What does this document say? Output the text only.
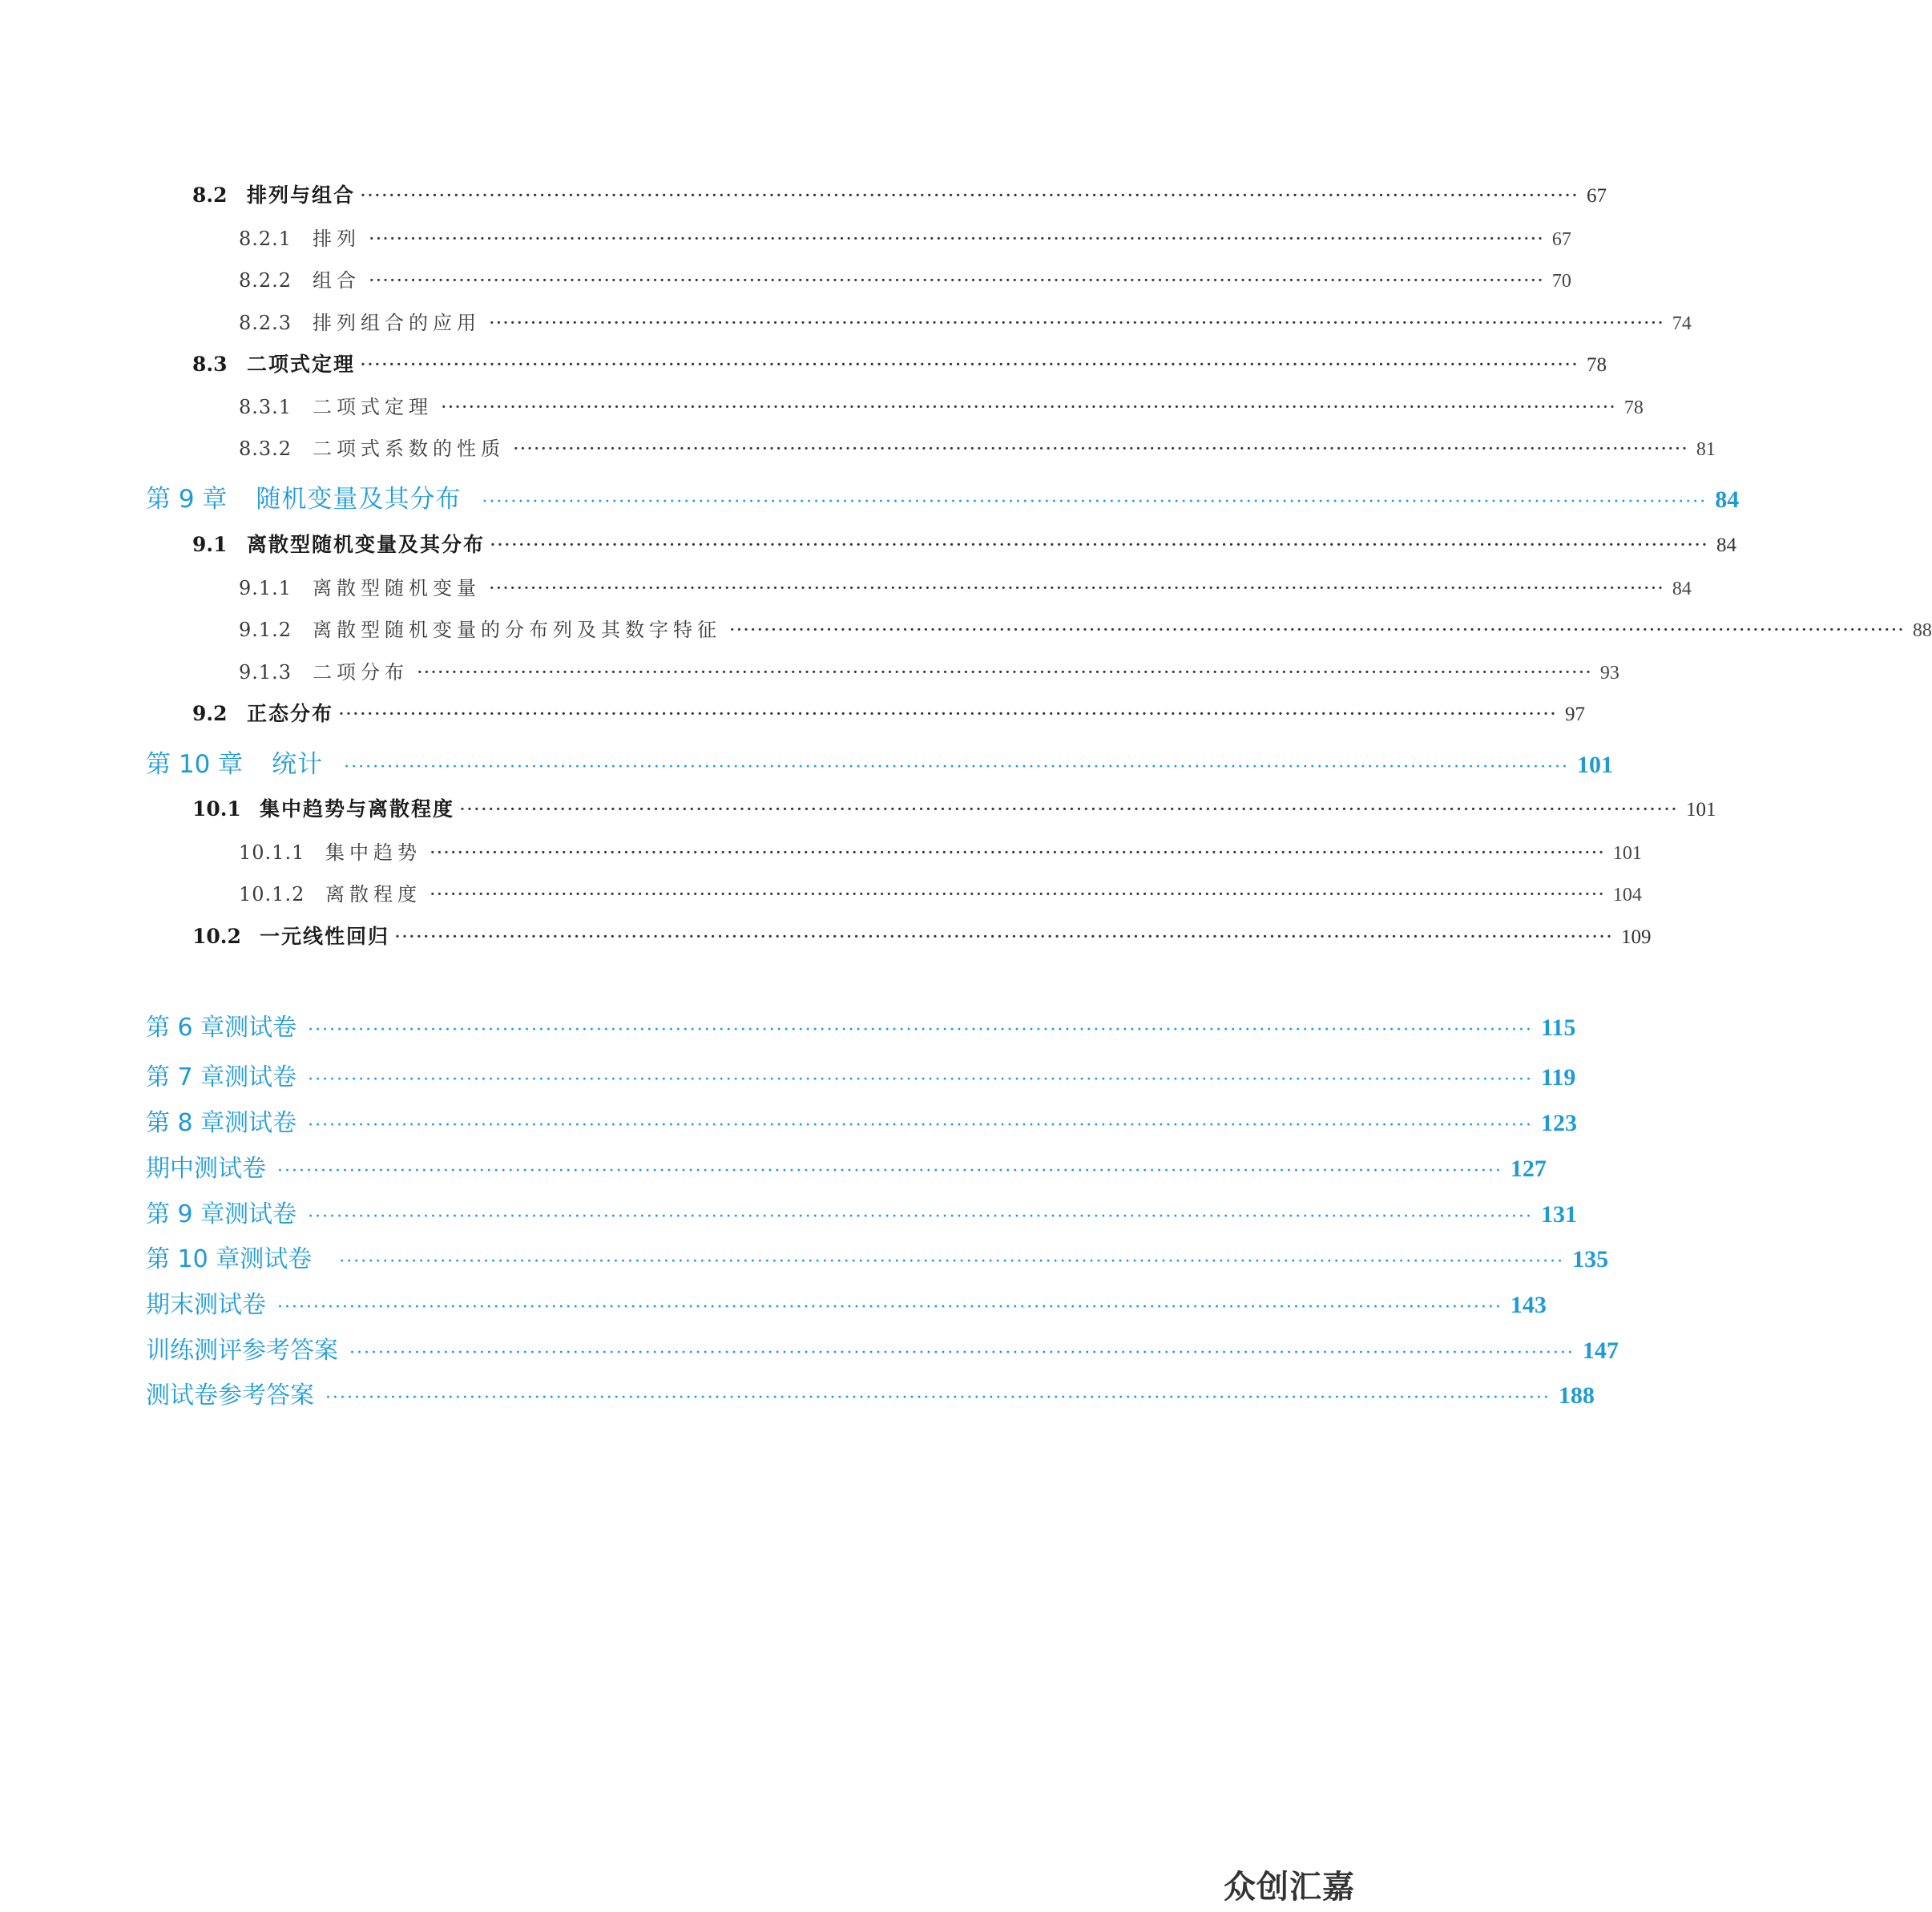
8.2 排列与组合 ·········································································································································································· 67
8.2.1 排列 ·········································································································································································· 67
8.2.2 组合 ·········································································································································································· 70
8.2.3 排列组合的应用 ·········································································································································································· 74
8.3 二项式定理 ·········································································································································································· 78
8.3.1 二项式定理 ·········································································································································································· 78
8.3.2 二项式系数的性质 ·········································································································································································· 81
第 9 章 随机变量及其分布 ·········································································································································································· 84
9.1 离散型随机变量及其分布 ·········································································································································································· 84
9.1.1 离散型随机变量 ·········································································································································································· 84
9.1.2 离散型随机变量的分布列及其数字特征 ·········································································································································································· 88
9.1.3 二项分布 ·········································································································································································· 93
9.2 正态分布 ·········································································································································································· 97
第 10 章 统计 ·········································································································································································· 101
10.1 集中趋势与离散程度 ·········································································································································································· 101
10.1.1 集中趋势 ·········································································································································································· 101
10.1.2 离散程度 ·········································································································································································· 104
10.2 一元线性回归 ·········································································································································································· 109
第 6 章测试卷 ·········································································································································································· 115
第 7 章测试卷 ·········································································································································································· 119
第 8 章测试卷 ·········································································································································································· 123
期中测试卷 ·········································································································································································· 127
第 9 章测试卷 ·········································································································································································· 131
第 10 章测试卷 ·········································································································································································· 135
期末测试卷 ·········································································································································································· 143
训练测评参考答案 ·········································································································································································· 147
测试卷参考答案 ·········································································································································································· 188
众创汇嘉
